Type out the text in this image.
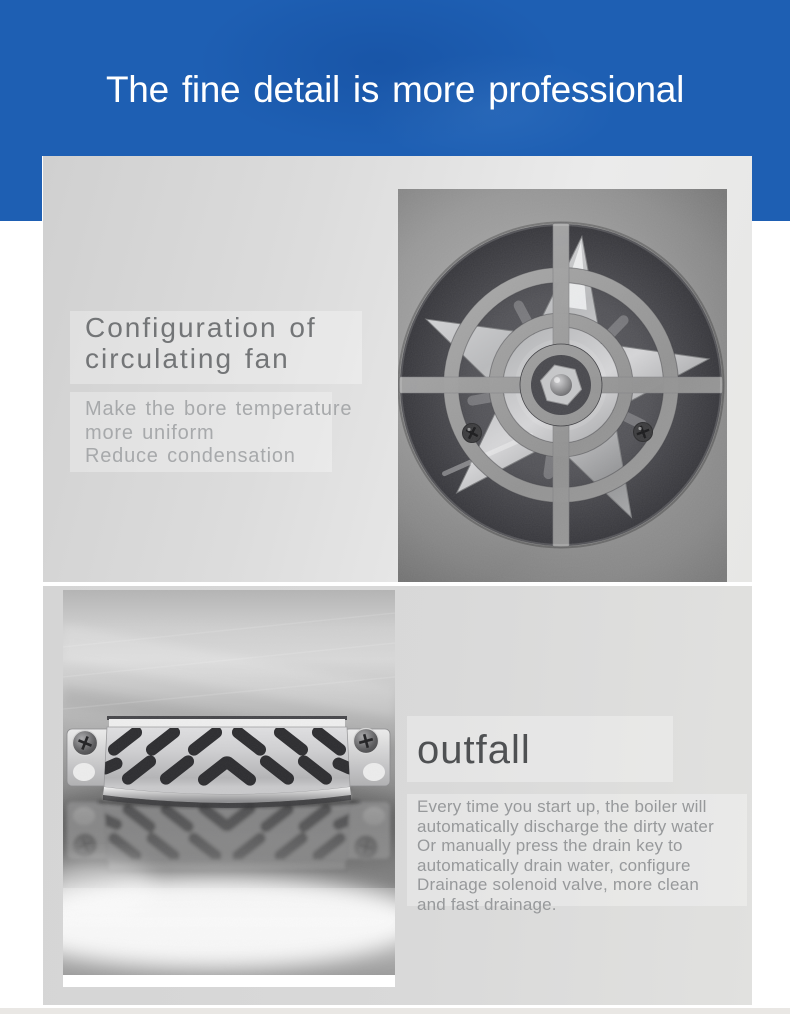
The fine detail is more professional
Configuration of
circulating fan
Make the bore temperature
more uniform
Reduce condensation
outfall
Every time you start up, the boiler will
automatically discharge the dirty water
Or manually press the drain key to
automatically drain water, configure
Drainage solenoid valve, more clean
and fast drainage.
